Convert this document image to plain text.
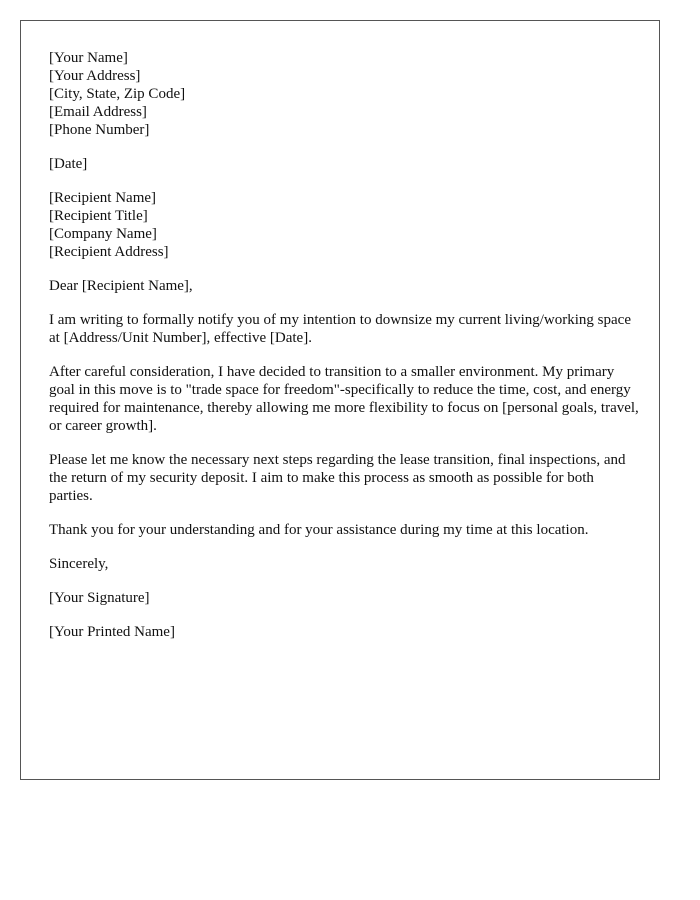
[Your Name]
[Your Address]
[City, State, Zip Code]
[Email Address]
[Phone Number]
[Date]
[Recipient Name]
[Recipient Title]
[Company Name]
[Recipient Address]

Dear [Recipient Name],

I am writing to formally notify you of my intention to downsize my current living/working space at [Address/Unit Number], effective [Date].

After careful consideration, I have decided to transition to a smaller environment. My primary goal in this move is to "trade space for freedom"-specifically to reduce the time, cost, and energy required for maintenance, thereby allowing me more flexibility to focus on [personal goals, travel, or career growth].

Please let me know the necessary next steps regarding the lease transition, final inspections, and the return of my security deposit. I aim to make this process as smooth as possible for both parties.

Thank you for your understanding and for your assistance during my time at this location.

Sincerely,

[Your Signature]

[Your Printed Name]
